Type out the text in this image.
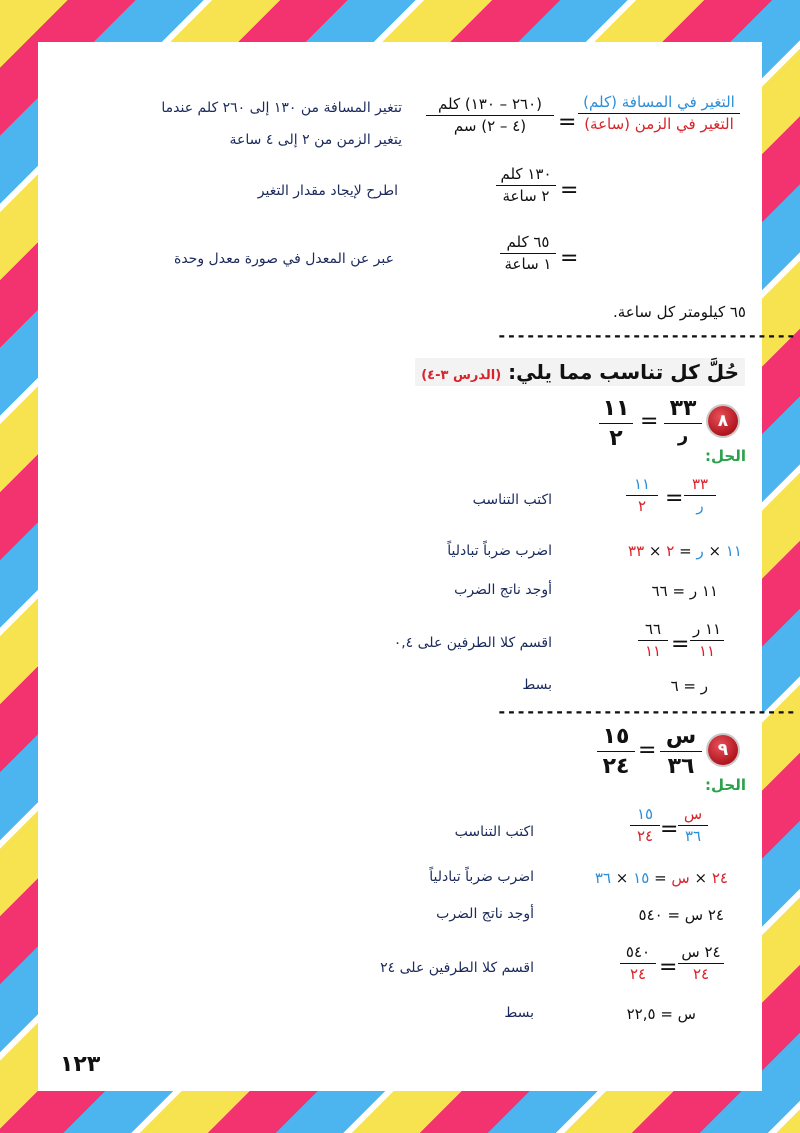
التغير في المسافة (كلم)
التغير في الزمن (ساعة)
=
(٢٦٠ – ١٣٠) كلم
(٤ – ٢) سم
تتغير المسافة من ١٣٠ إلى ٢٦٠ كلم عندما
يتغير الزمن من ٢ إلى ٤ ساعة
=
١٣٠ كلم
٢ ساعة
اطرح لإيجاد مقدار التغير
=
٦٥ كلم
١ ساعة
عبر عن المعدل في صورة معدل وحدة
٦٥ كيلومتر كل ساعة.
-------------------------------
حُلَّ كل تناسب مما يلي: (الدرس ٣-٤)
٨
٣٣
ر
=
١١
٢
الحل:
١١
٢ =
٣٣
ر
اكتب التناسب
١١ × ر = ٢ × ٣٣
اضرب ضرباً تبادلياً
١١ ر = ٦٦
أوجد ناتج الضرب
٦٦
١١ =
١١ ر
١١
اقسم كلا الطرفين على ٠,٤
ر = ٦
بسط
-------------------------------
٩
س
٣٦
=
١٥
٢٤
الحل:
١٥
٢٤ =
س
٣٦
اكتب التناسب
٢٤ × س = ١٥ × ٣٦
اضرب ضرباً تبادلياً
٢٤ س = ٥٤٠
أوجد ناتج الضرب
٥٤٠
٢٤ =
٢٤ س
٢٤
اقسم كلا الطرفين على ٢٤
س = ٢٢,٥
بسط
١٢٣
